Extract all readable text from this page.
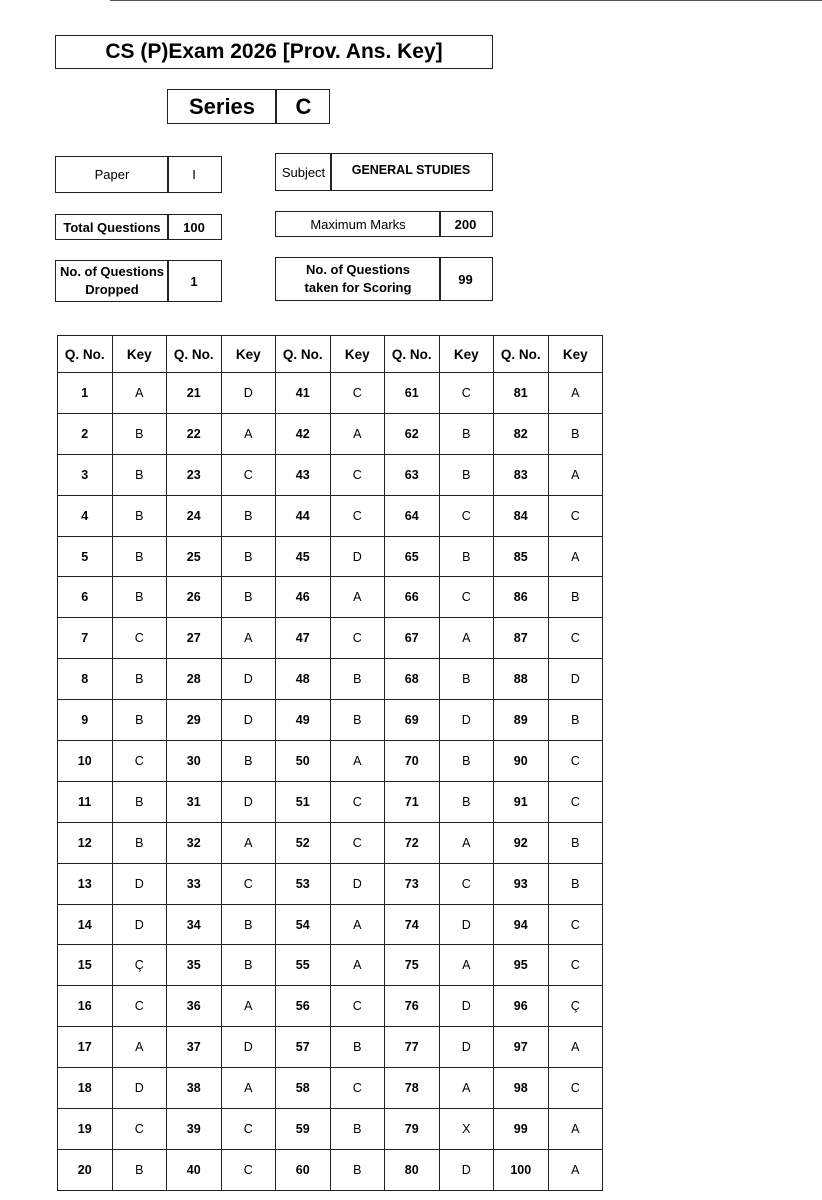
CS (P)Exam 2026 [Prov. Ans. Key]
Series	C
Paper	I	Subject	GENERAL STUDIES
Total Questions	100	Maximum Marks	200
No. of Questions
Dropped
1
No. of Questions
taken for Scoring
99
Q. No.	Key	Q. No.	Key	Q. No.	Key	Q. No.	Key	Q. No.	Key
1	A	21	D	41	C	61	C	81	A
2	B	22	A	42	A	62	B	82	B
3	B	23	C	43	C	63	B	83	A
4	B	24	B	44	C	64	C	84	C
5	B	25	B	45	D	65	B	85	A
6	B	26	B	46	A	66	C	86	B
7	C	27	A	47	C	67	A	87	C
8	B	28	D	48	B	68	B	88	D
9	B	29	D	49	B	69	D	89	B
10	C	30	B	50	A	70	B	90	C
11	B	31	D	51	C	71	B	91	C
12	B	32	A	52	C	72	A	92	B
13	D	33	C	53	D	73	C	93	B
14	D	34	B	54	A	74	D	94	C
15	Ç	35	B	55	A	75	A	95	C
16	C	36	A	56	C	76	D	96	Ç
17	A	37	D	57	B	77	D	97	A
18	D	38	A	58	C	78	A	98	C
19	C	39	C	59	B	79	X	99	A
20	B	40	C	60	B	80	D	100	A
